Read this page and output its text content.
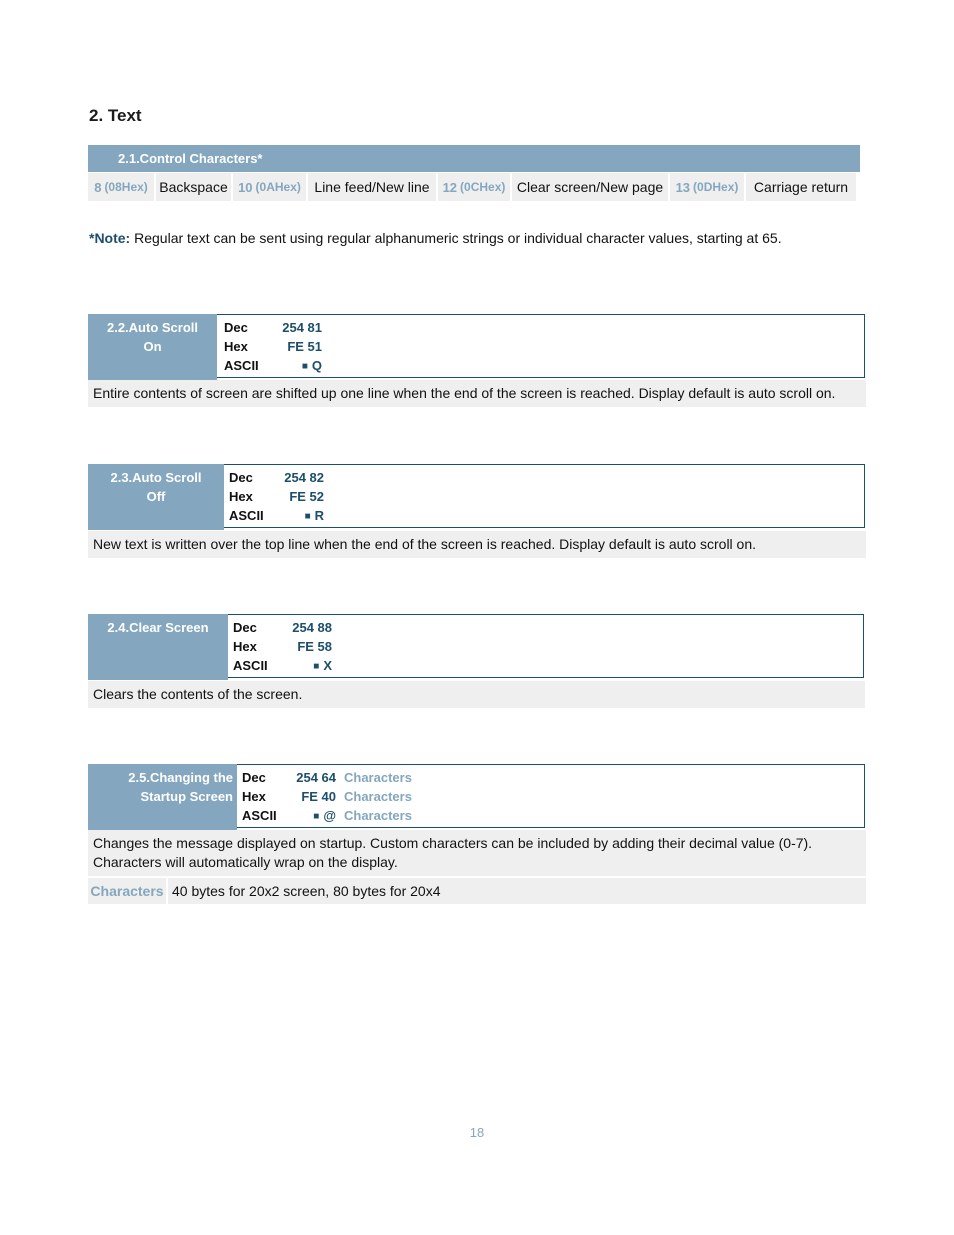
2. Text
2.1.Control Characters*
8 (08Hex) Backspace 10 (0AHex) Line feed/New line 12 (0CHex) Clear screen/New page 13 (0DHex)	Carriage return
*Note: Regular text can be sent using regular alphanumeric strings or individual character values, starting at 65.
2.2.Auto Scroll
On
Dec	254 81
Hex	FE 51
ASCII	■ Q
Entire contents of screen are shifted up one line when the end of the screen is reached. Display default is auto scroll on.
2.3.Auto Scroll
Off
Dec	254 82
Hex	FE 52
ASCII	■ R
New text is written over the top line when the end of the screen is reached. Display default is auto scroll on.
2.4.Clear Screen	Dec	254 88
Hex	FE 58
ASCII	■ X
Clears the contents of the screen.
2.5.Changing the
Startup Screen
Dec	254 64 Characters
Hex	FE 40 Characters
ASCII	■ @ Characters
Changes the message displayed on startup. Custom characters can be included by adding their decimal value (0-7).
Characters will automatically wrap on the display.
Characters 40 bytes for 20x2 screen, 80 bytes for 20x4
18
